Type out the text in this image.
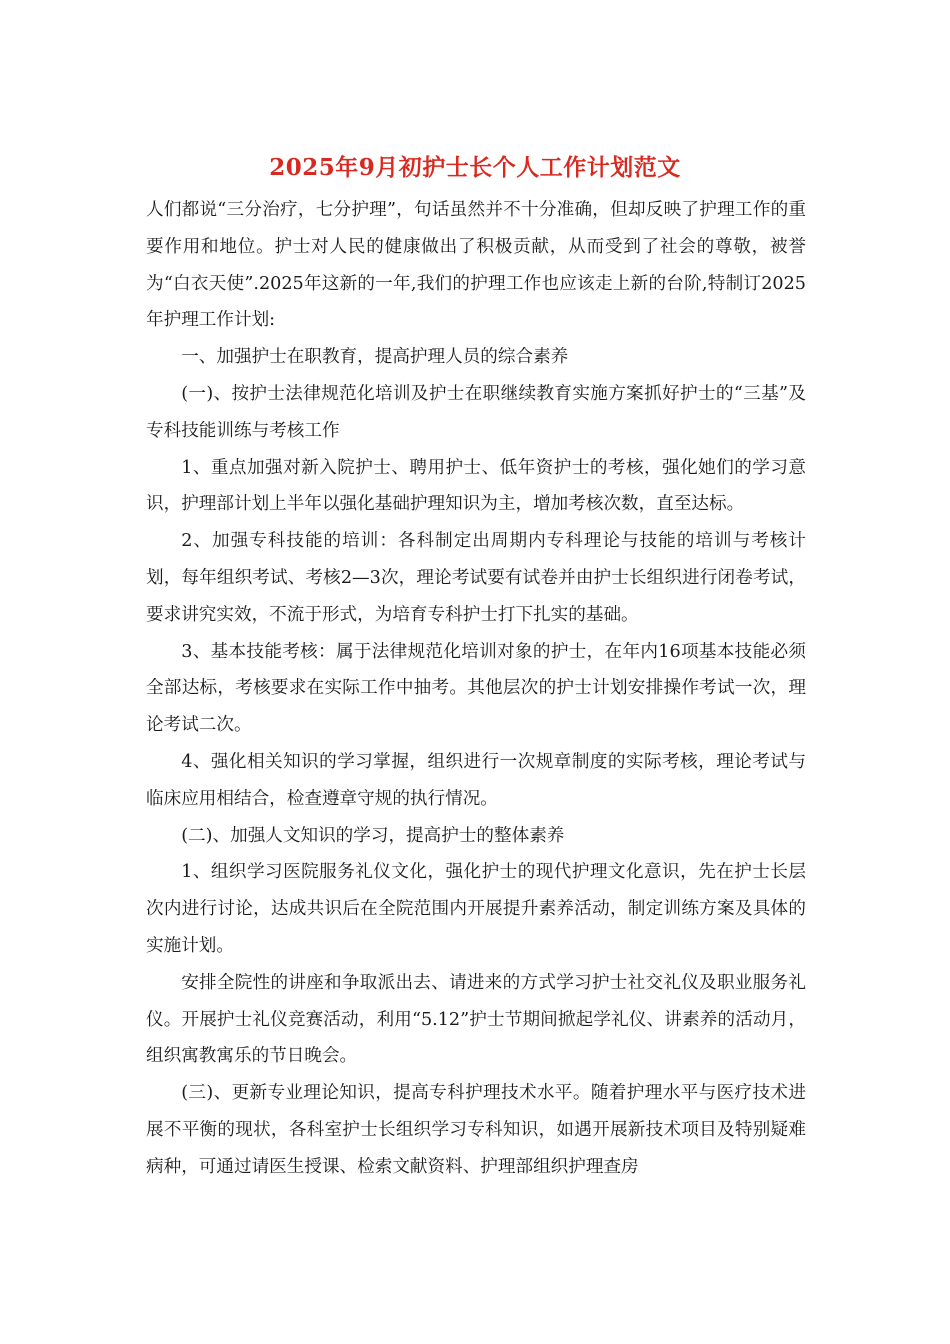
2025年9月初护士长个人工作计划范文

人们都说“三分治疗，七分护理”，句话虽然并不十分准确，但却反映了护理工作的重要作用和地位。护士对人民的健康做出了积极贡献，从而受到了社会的尊敬，被誉为“白衣天使”.2025年这新的一年,我们的护理工作也应该走上新的台阶,特制订2025年护理工作计划:

一、加强护士在职教育，提高护理人员的综合素养

(一)、按护士法律规范化培训及护士在职继续教育实施方案抓好护士的“三基”及专科技能训练与考核工作

1、重点加强对新入院护士、聘用护士、低年资护士的考核，强化她们的学习意识，护理部计划上半年以强化基础护理知识为主，增加考核次数，直至达标。

2、加强专科技能的培训：各科制定出周期内专科理论与技能的培训与考核计划，每年组织考试、考核2—3次，理论考试要有试卷并由护士长组织进行闭卷考试，要求讲究实效，不流于形式，为培育专科护士打下扎实的基础。

3、基本技能考核：属于法律规范化培训对象的护士，在年内16项基本技能必须全部达标，考核要求在实际工作中抽考。其他层次的护士计划安排操作考试一次，理论考试二次。

4、强化相关知识的学习掌握，组织进行一次规章制度的实际考核，理论考试与临床应用相结合，检查遵章守规的执行情况。

(二)、加强人文知识的学习，提高护士的整体素养

1、组织学习医院服务礼仪文化，强化护士的现代护理文化意识，先在护士长层次内进行讨论，达成共识后在全院范围内开展提升素养活动，制定训练方案及具体的实施计划。

安排全院性的讲座和争取派出去、请进来的方式学习护士社交礼仪及职业服务礼仪。开展护士礼仪竞赛活动，利用“5.12”护士节期间掀起学礼仪、讲素养的活动月，组织寓教寓乐的节日晚会。

(三)、更新专业理论知识，提高专科护理技术水平。随着护理水平与医疗技术进展不平衡的现状，各科室护士长组织学习专科知识，如遇开展新技术项目及特别疑难病种，可通过请医生授课、检索文献资料、护理部组织护理查房
